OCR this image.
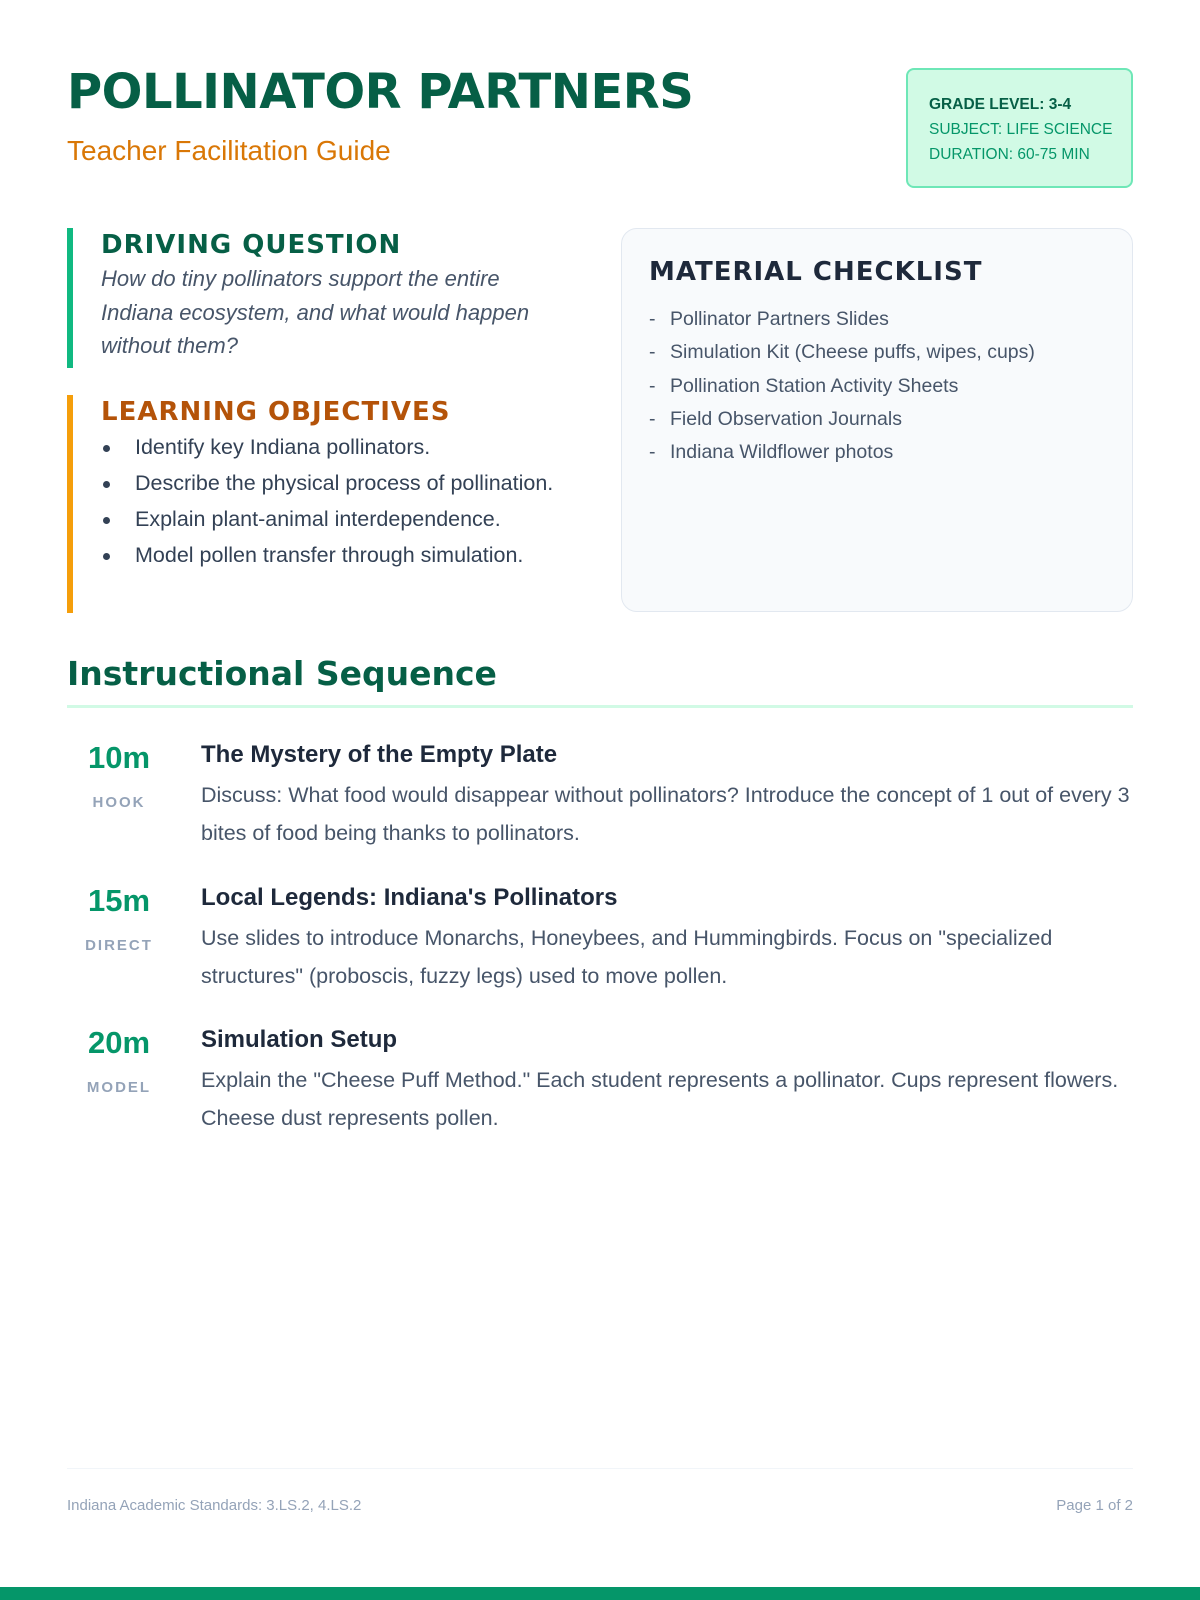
POLLINATOR PARTNERS
Teacher Facilitation Guide
GRADE LEVEL: 3-4
SUBJECT: LIFE SCIENCE
DURATION: 60-75 MIN
DRIVING QUESTION
How do tiny pollinators support the entire Indiana ecosystem, and what would happen without them?
LEARNING OBJECTIVES
Identify key Indiana pollinators.
Describe the physical process of pollination.
Explain plant-animal interdependence.
Model pollen transfer through simulation.
MATERIAL CHECKLIST
- Pollinator Partners Slides
- Simulation Kit (Cheese puffs, wipes, cups)
- Pollination Station Activity Sheets
- Field Observation Journals
- Indiana Wildflower photos
Instructional Sequence
10m
HOOK
The Mystery of the Empty Plate
Discuss: What food would disappear without pollinators? Introduce the concept of 1 out of every 3 bites of food being thanks to pollinators.
15m
DIRECT
Local Legends: Indiana's Pollinators
Use slides to introduce Monarchs, Honeybees, and Hummingbirds. Focus on "specialized structures" (proboscis, fuzzy legs) used to move pollen.
20m
MODEL
Simulation Setup
Explain the "Cheese Puff Method." Each student represents a pollinator. Cups represent flowers. Cheese dust represents pollen.
Indiana Academic Standards: 3.LS.2, 4.LS.2	Page 1 of 2
